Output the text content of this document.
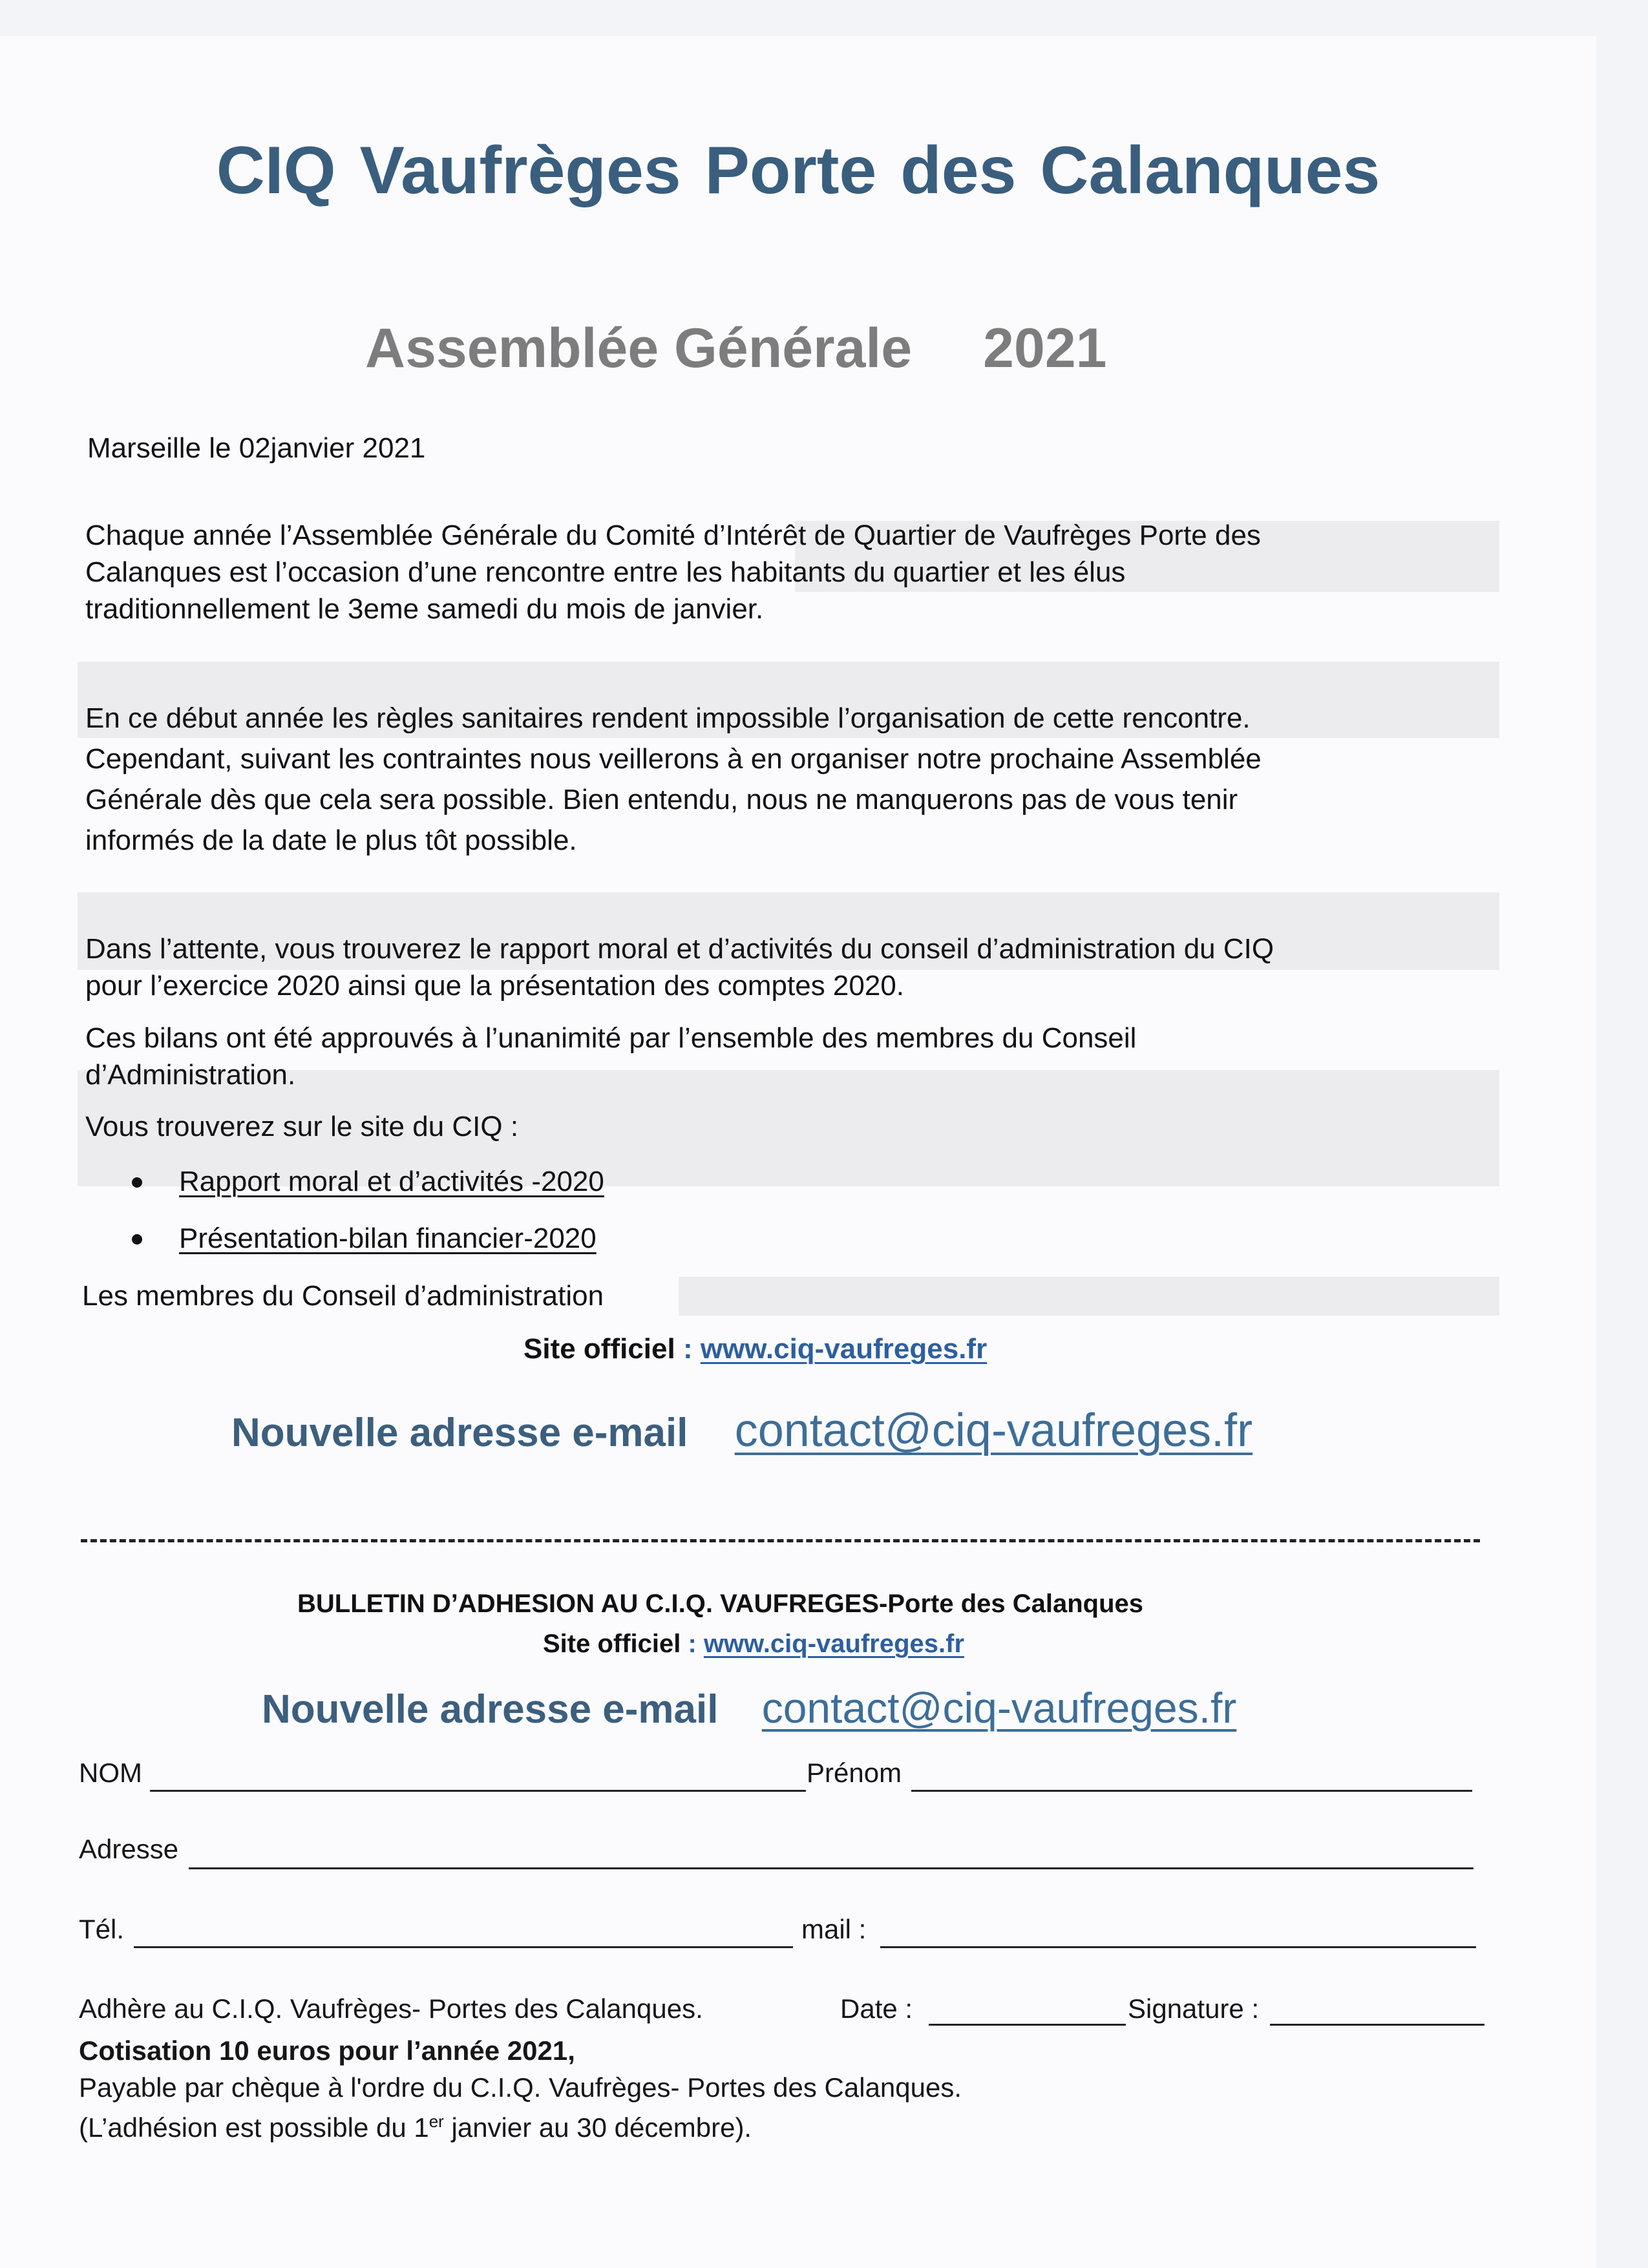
CIQ Vaufrèges Porte des Calanques
Assemblée Générale 2021
Marseille le 02janvier 2021
Chaque année l’Assemblée Générale du Comité d’Intérêt de Quartier de Vaufrèges Porte des
Calanques est l’occasion d’une rencontre entre les habitants du quartier et les élus
traditionnellement le 3eme samedi du mois de janvier.
En ce début année les règles sanitaires rendent impossible l’organisation de cette rencontre.
Cependant, suivant les contraintes nous veillerons à en organiser notre prochaine Assemblée
Générale dès que cela sera possible. Bien entendu, nous ne manquerons pas de vous tenir
informés de la date le plus tôt possible.
Dans l’attente, vous trouverez le rapport moral et d’activités du conseil d’administration du CIQ
pour l’exercice 2020 ainsi que la présentation des comptes 2020.
Ces bilans ont été approuvés à l’unanimité par l’ensemble des membres du Conseil
d’Administration.
Vous trouverez sur le site du CIQ :
Rapport moral et d’activités -2020
Présentation-bilan financier-2020
Les membres du Conseil d’administration
Site officiel : www.ciq-vaufreges.fr
Nouvelle adresse e-mail contact@ciq-vaufreges.fr
BULLETIN D’ADHESION AU C.I.Q. VAUFREGES-Porte des Calanques
Site officiel : www.ciq-vaufreges.fr
Nouvelle adresse e-mail contact@ciq-vaufreges.fr
NOM	Prénom
Adresse
Tél.	mail :
Adhère au C.I.Q. Vaufrèges- Portes des Calanques.	Date :	Signature :
Cotisation 10 euros pour l’année 2021,
Payable par chèque à l'ordre du C.I.Q. Vaufrèges- Portes des Calanques.
(L’adhésion est possible du 1er janvier au 30 décembre).
